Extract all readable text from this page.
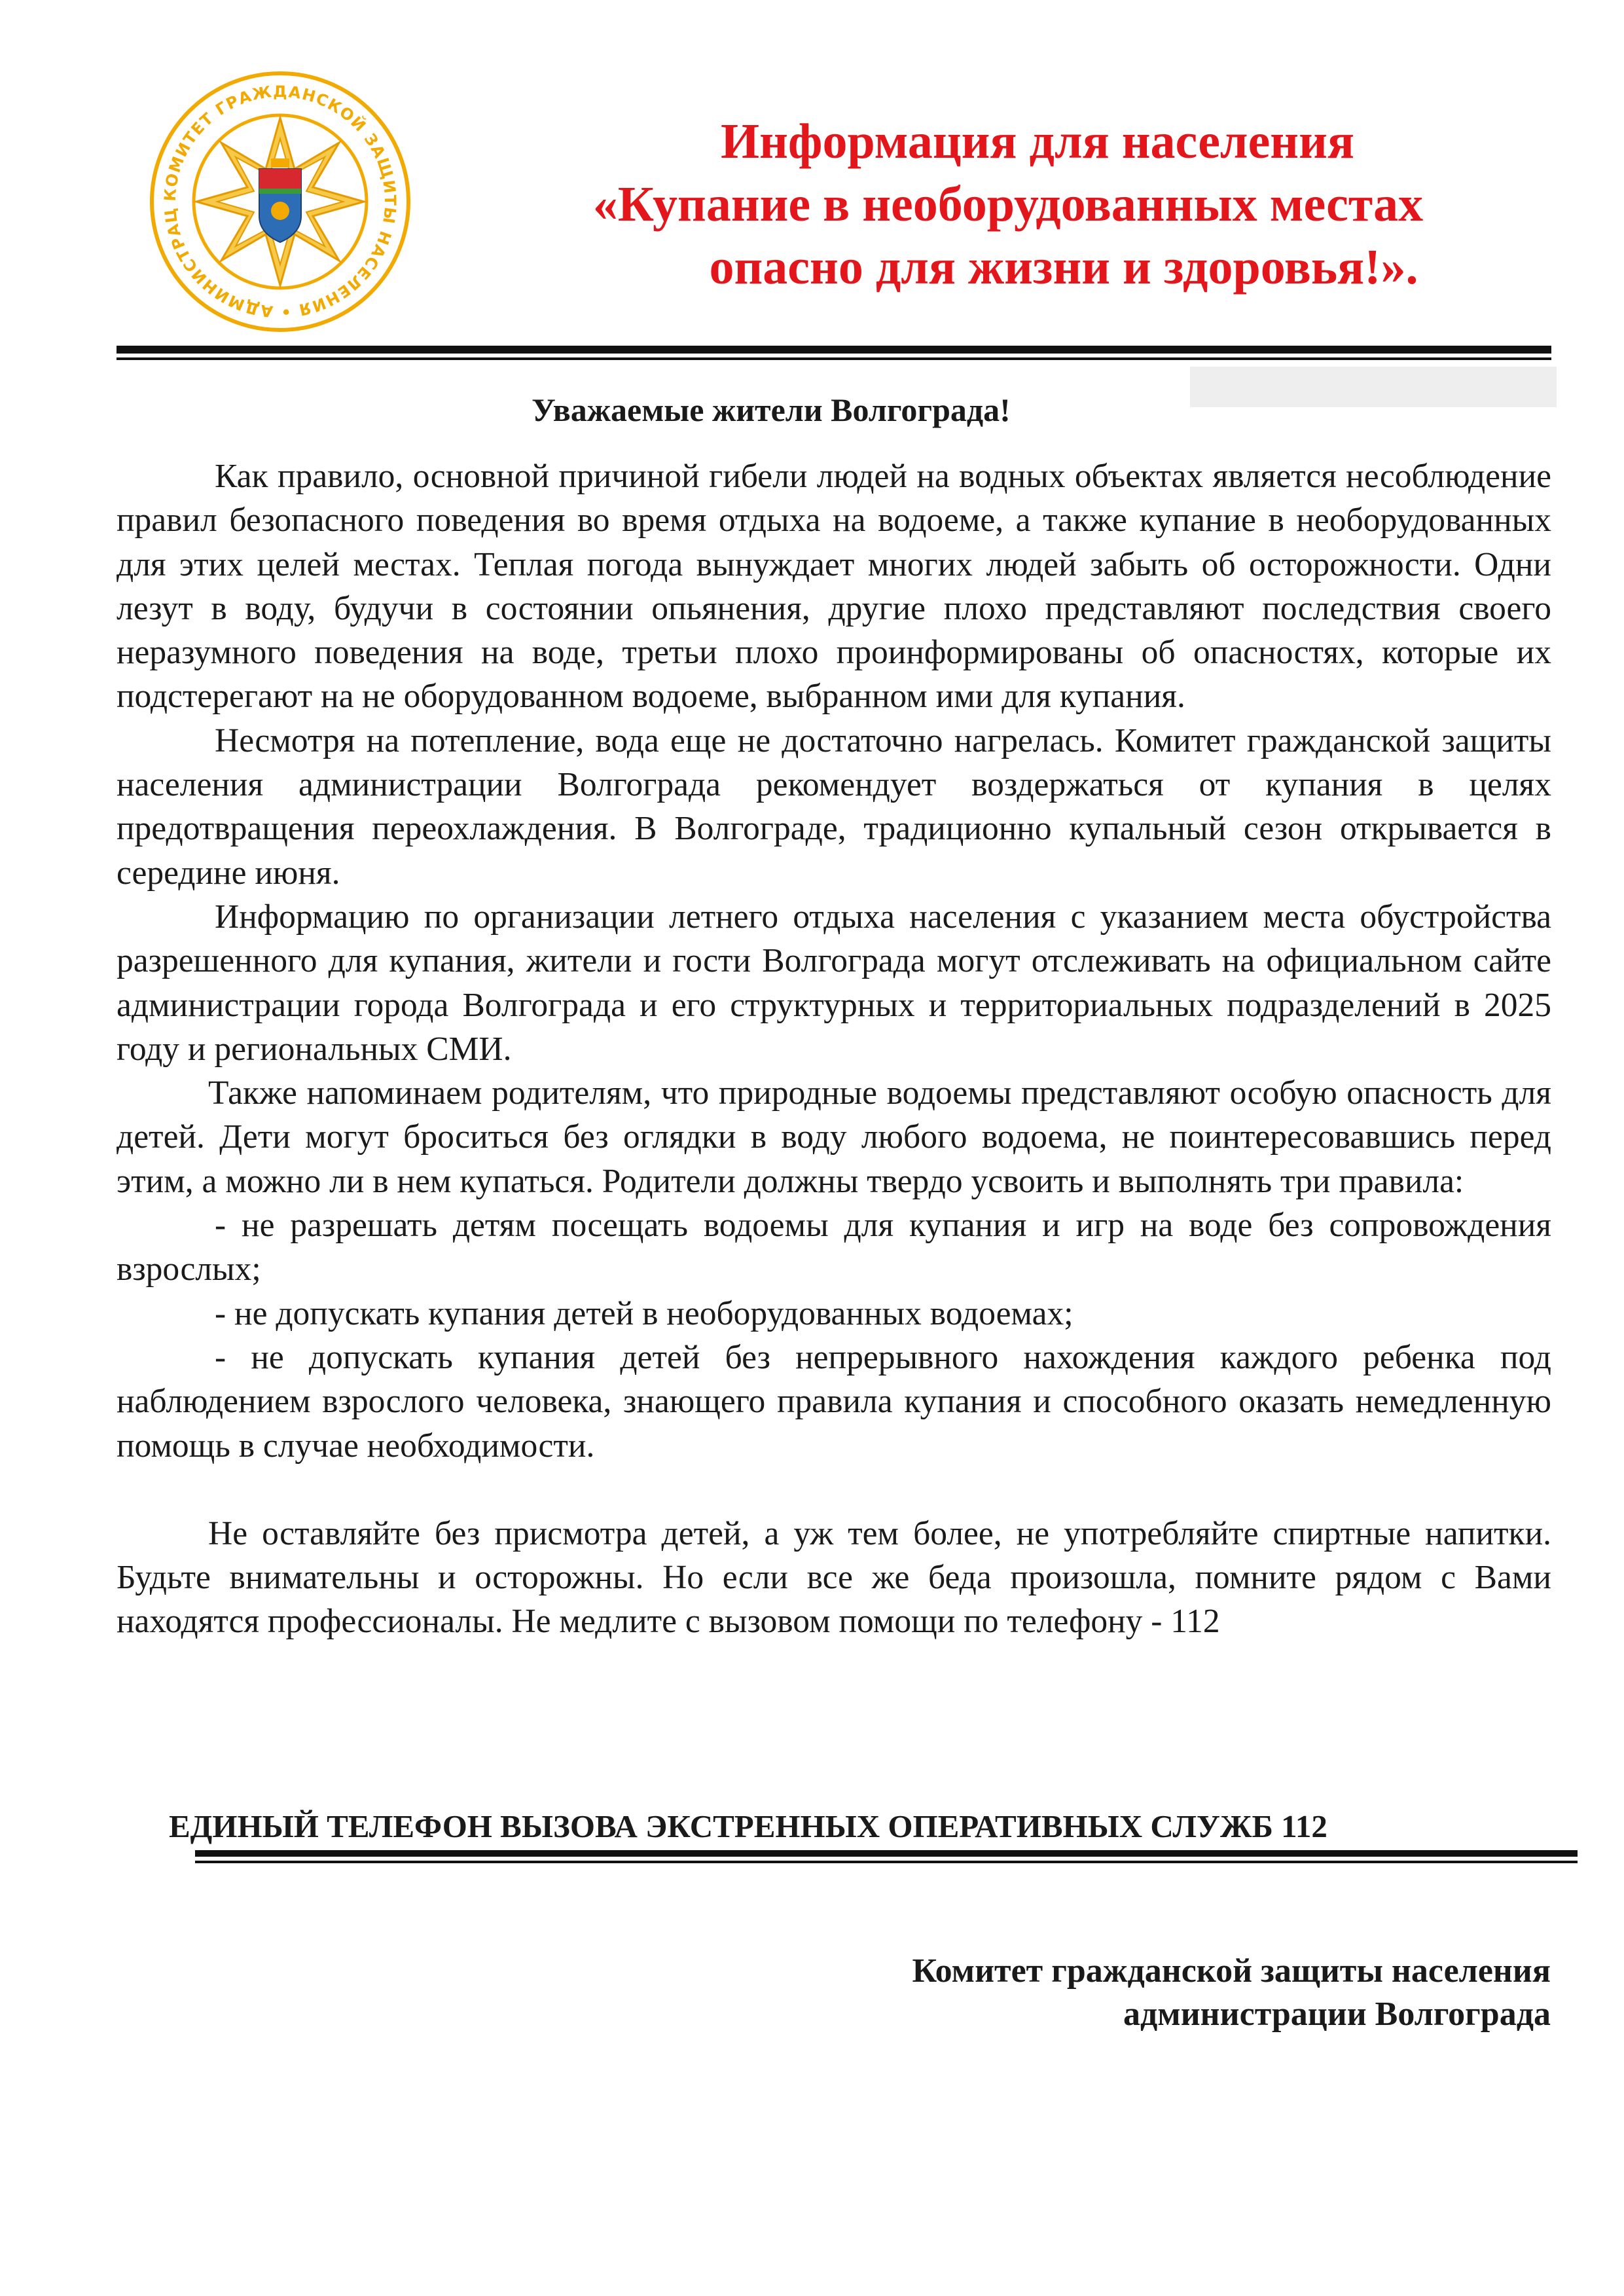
КОМИТЕТ ГРАЖДАНСКОЙ ЗАЩИТЫ НАСЕЛЕНИЯ • АДМИНИСТРАЦ
Информация для населения
«Купание в необорудованных местах
опасно для жизни и здоровья!».
Уважаемые жители Волгограда!

Как правило, основной причиной гибели людей на водных объектах является несоблюдение правил безопасного поведения во время отдыха на водоеме, а также купание в необорудованных для этих целей местах. Теплая погода вынуждает многих людей забыть об осторожности. Одни лезут в воду, будучи в состоянии опьянения, другие плохо представляют последствия своего неразумного поведения на воде, третьи плохо проинформированы об опасностях, которые их подстерегают на не оборудованном водоеме, выбранном ими для купания.

Несмотря на потепление, вода еще не достаточно нагрелась. Комитет гражданской защиты населения администрации Волгограда рекомендует воздержаться от купания в целях предотвращения переохлаждения. В Волгограде, традиционно купальный сезон открывается в середине июня.

Информацию по организации летнего отдыха населения с указанием места обустройства разрешенного для купания, жители и гости Волгограда могут отслеживать на официальном сайте администрации города Волгограда и его структурных и территориальных подразделений в 2025 году и региональных СМИ.

Также напоминаем родителям, что природные водоемы представляют особую опасность для детей. Дети могут броситься без оглядки в воду любого водоема, не поинтересовавшись перед этим, а можно ли в нем купаться. Родители должны твердо усвоить и выполнять три правила:

- не разрешать детям посещать водоемы для купания и игр на воде без сопровождения взрослых;

- не допускать купания детей в необорудованных водоемах;

- не допускать купания детей без непрерывного нахождения каждого ребенка под наблюдением взрослого человека, знающего правила купания и способного оказать немедленную помощь в случае необходимости.

Не оставляйте без присмотра детей, а уж тем более, не употребляйте спиртные напитки. Будьте внимательны и осторожны. Но если все же беда произошла, помните рядом с Вами находятся профессионалы. Не медлите с вызовом помощи по телефону - 112

ЕДИНЫЙ ТЕЛЕФОН ВЫЗОВА ЭКСТРЕННЫХ ОПЕРАТИВНЫХ СЛУЖБ 112
Комитет гражданской защиты населения
администрации Волгограда
